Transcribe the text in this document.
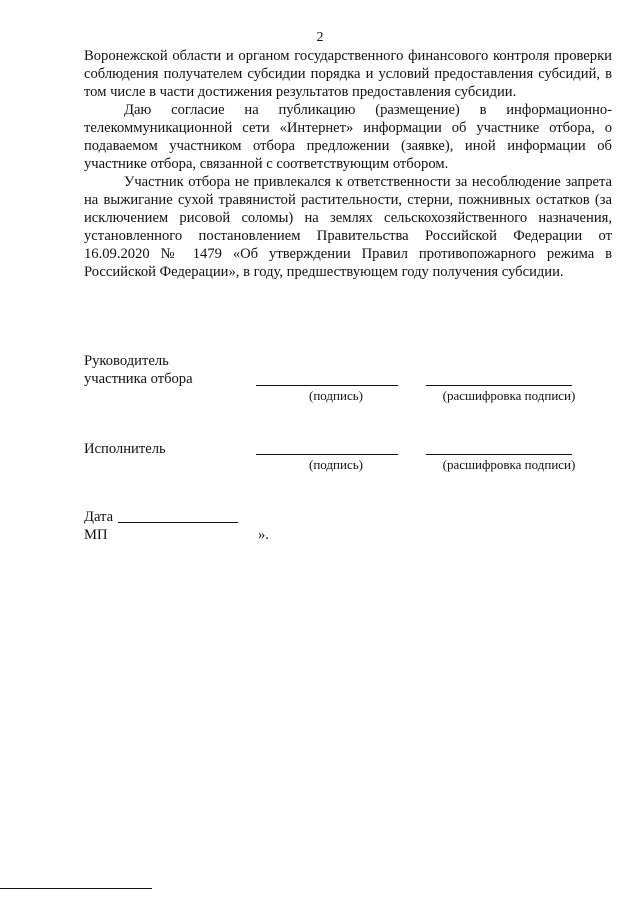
2

Воронежской области и органом государственного финансового контроля проверки соблюдения получателем субсидии порядка и условий предоставления субсидий, в том числе в части достижения результатов предоставления субсидии.

Даю согласие на публикацию (размещение) в информационно-телекоммуникационной сети «Интернет» информации об участнике отбора, о подаваемом участником отбора предложении (заявке), иной информации об участнике отбора, связанной с соответствующим отбором.

Участник отбора не привлекался к ответственности за несоблюдение запрета на выжигание сухой травянистой растительности, стерни, пожнивных остатков (за исключением рисовой соломы) на землях сельскохозяйственного назначения, установленного постановлением Правительства Российской Федерации от 16.09.2020 № 1479 «Об утверждении Правил противопожарного режима в Российской Федерации», в году, предшествующем году получения субсидии.

Руководитель
участника отбора
(подпись)	(расшифровка подписи)
Исполнитель
(подпись)	(расшифровка подписи)
Дата
МП	».
